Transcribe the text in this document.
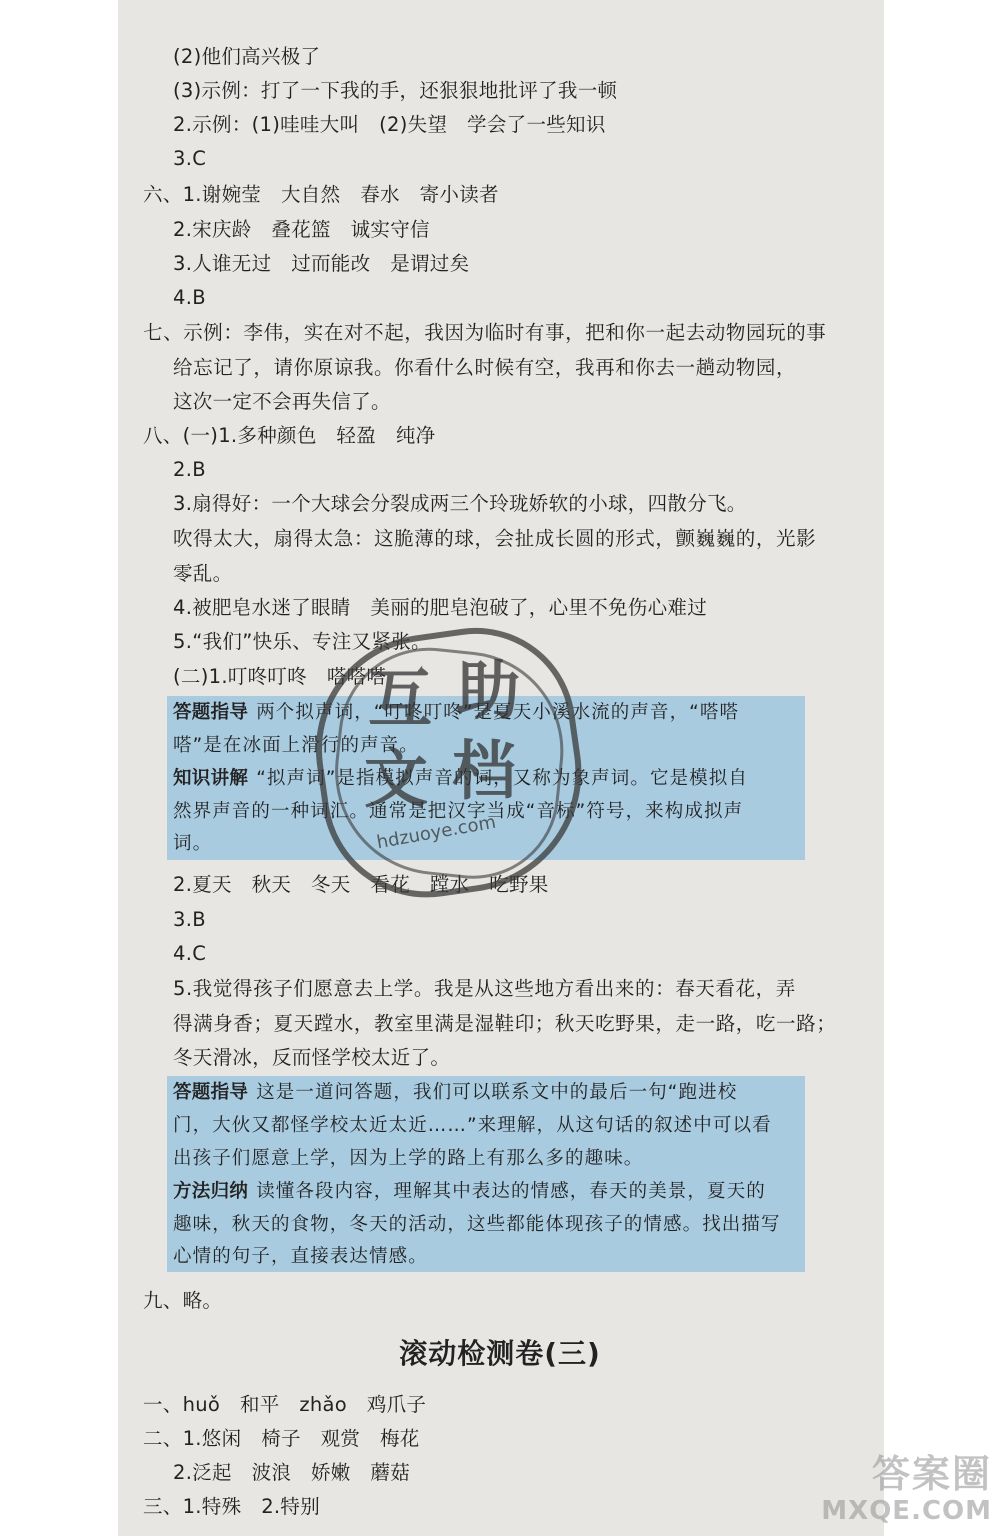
(2)他们高兴极了
(3)示例：打了一下我的手，还狠狠地批评了我一顿
2.示例：(1)哇哇大叫　(2)失望　学会了一些知识
3.C
六、1.谢婉莹　大自然　春水　寄小读者
2.宋庆龄　叠花篮　诚实守信
3.人谁无过　过而能改　是谓过矣
4.B
七、示例：李伟，实在对不起，我因为临时有事，把和你一起去动物园玩的事
给忘记了，请你原谅我。你看什么时候有空，我再和你去一趟动物园，
这次一定不会再失信了。
八、(一)1.多种颜色　轻盈　纯净
2.B
3.扇得好：一个大球会分裂成两三个玲珑娇软的小球，四散分飞。
吹得太大，扇得太急：这脆薄的球，会扯成长圆的形式，颤巍巍的，光影
零乱。
4.被肥皂水迷了眼睛　美丽的肥皂泡破了，心里不免伤心难过
5.“我们”快乐、专注又紧张。
(二)1.叮咚叮咚　嗒嗒嗒
答题指导 两个拟声词，“叮咚叮咚”是夏天小溪水流的声音，“嗒嗒
嗒”是在冰面上滑行的声音。
知识讲解 “拟声词”是指模拟声音的词，又称为象声词。它是模拟自
然界声音的一种词汇。通常是把汉字当成“音标”符号，来构成拟声
词。
2.夏天　秋天　冬天　看花　蹚水　吃野果
3.B
4.C
5.我觉得孩子们愿意去上学。我是从这些地方看出来的：春天看花，弄
得满身香；夏天蹚水，教室里满是湿鞋印；秋天吃野果，走一路，吃一路；
冬天滑冰，反而怪学校太近了。
答题指导 这是一道问答题，我们可以联系文中的最后一句“跑进校
门，大伙又都怪学校太近太近……”来理解，从这句话的叙述中可以看
出孩子们愿意上学，因为上学的路上有那么多的趣味。
方法归纳 读懂各段内容，理解其中表达的情感，春天的美景，夏天的
趣味，秋天的食物，冬天的活动，这些都能体现孩子的情感。找出描写
心情的句子，直接表达情感。
九、略。
滚动检测卷(三)
一、huǒ　和平　zhǎo　鸡爪子
二、1.悠闲　椅子　观赏　梅花
2.泛起　波浪　娇嫩　蘑菇
三、1.特殊　2.特别
互 助
文 档
hdzuoye.com
答案圈
MXQE.COM
